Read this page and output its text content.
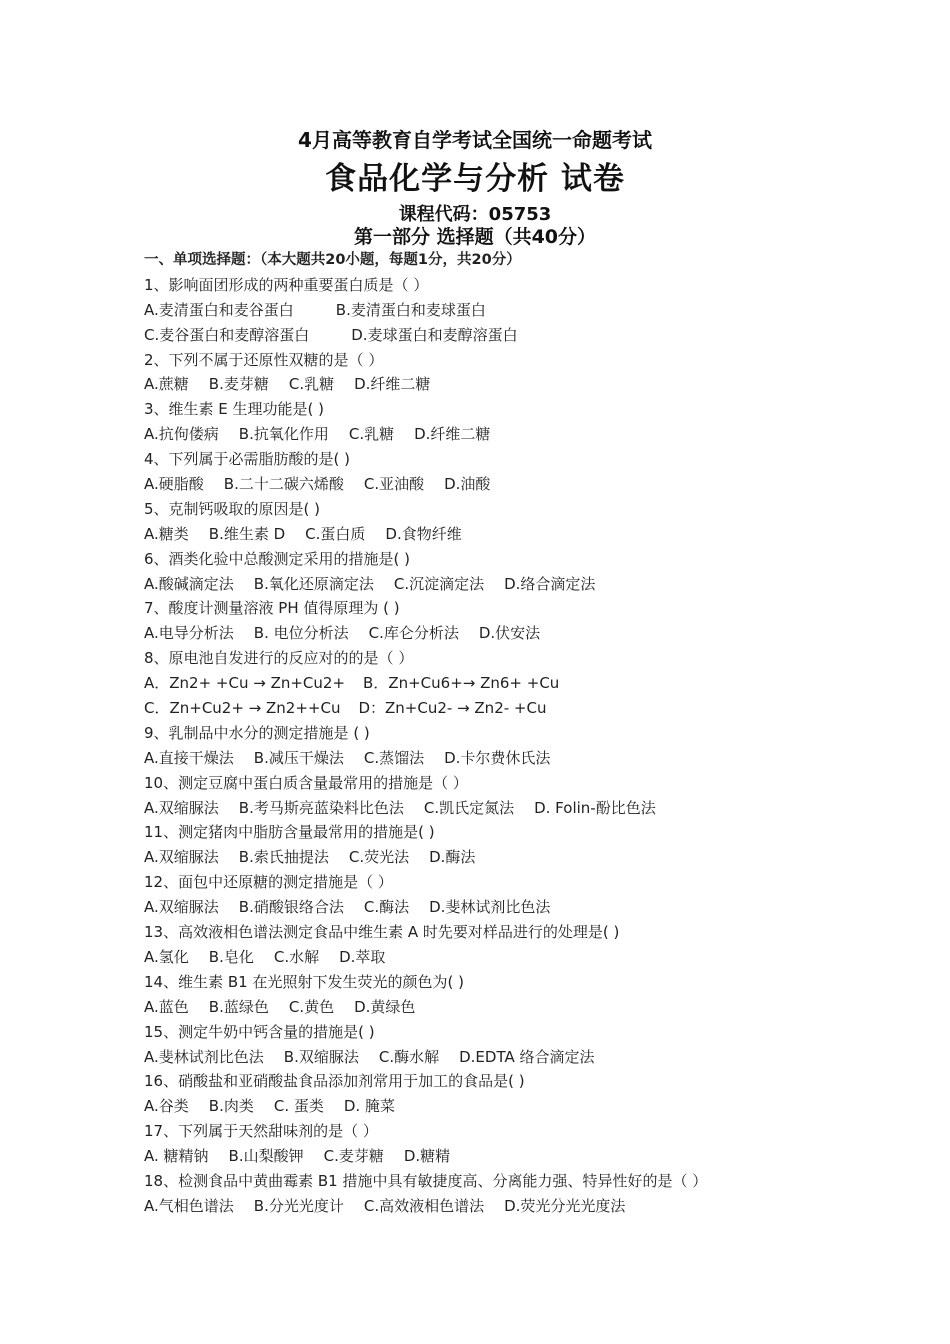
4月高等教育自学考试全国统一命题考试
食品化学与分析 试卷
课程代码：05753
第一部分 选择题（共40分）
一、单项选择题：（本大题共20小题，每题1分，共20分）
1、影响面团形成的两种重要蛋白质是（ ）
A.麦清蛋白和麦谷蛋白	B.麦清蛋白和麦球蛋白
C.麦谷蛋白和麦醇溶蛋白	D.麦球蛋白和麦醇溶蛋白
2、下列不属于还原性双糖的是（ ）
A.蔗糖 B.麦芽糖 C.乳糖 D.纤维二糖
3、维生素 E 生理功能是( )
A.抗佝偻病 B.抗氧化作用 C.乳糖 D.纤维二糖
4、下列属于必需脂肪酸的是( )
A.硬脂酸 B.二十二碳六烯酸 C.亚油酸 D.油酸
5、克制钙吸取的原因是( )
A.糖类 B.维生素 D C.蛋白质 D.食物纤维
6、酒类化验中总酸测定采用的措施是( )
A.酸碱滴定法 B.氧化还原滴定法 C.沉淀滴定法 D.络合滴定法
7、酸度计测量溶液 PH 值得原理为 ( )
A.电导分析法 B. 电位分析法 C.库仑分析法 D.伏安法
8、原电池自发进行的反应对的的是（ ）
A．Zn2+ +Cu → Zn+Cu2+ B．Zn+Cu6+→ Zn6+ +Cu
C．Zn+Cu2+ → Zn2++Cu D：Zn+Cu2- → Zn2- +Cu
9、乳制品中水分的测定措施是 ( )
A.直接干燥法 B.减压干燥法 C.蒸馏法 D.卡尔费休氏法
10、测定豆腐中蛋白质含量最常用的措施是（ ）
A.双缩脲法 B.考马斯亮蓝染料比色法 C.凯氏定氮法 D. Folin-酚比色法
11、测定猪肉中脂肪含量最常用的措施是( )
A.双缩脲法 B.索氏抽提法 C.荧光法 D.酶法
12、面包中还原糖的测定措施是（ ）
A.双缩脲法 B.硝酸银络合法 C.酶法 D.斐林试剂比色法
13、高效液相色谱法测定食品中维生素 A 时先要对样品进行的处理是( )
A.氢化 B.皂化 C.水解 D.萃取
14、维生素 B1 在光照射下发生荧光的颜色为( )
A.蓝色 B.蓝绿色 C.黄色 D.黄绿色
15、测定牛奶中钙含量的措施是( )
A.斐林试剂比色法 B.双缩脲法 C.酶水解 D.EDTA 络合滴定法
16、硝酸盐和亚硝酸盐食品添加剂常用于加工的食品是( )
A.谷类 B.肉类 C. 蛋类 D. 腌菜
17、下列属于天然甜味剂的是（ ）
A. 糖精钠 B.山梨酸钾 C.麦芽糖 D.糖精
18、检测食品中黄曲霉素 B1 措施中具有敏捷度高、分离能力强、特异性好的是（ ）
A.气相色谱法 B.分光光度计 C.高效液相色谱法 D.荧光分光光度法
